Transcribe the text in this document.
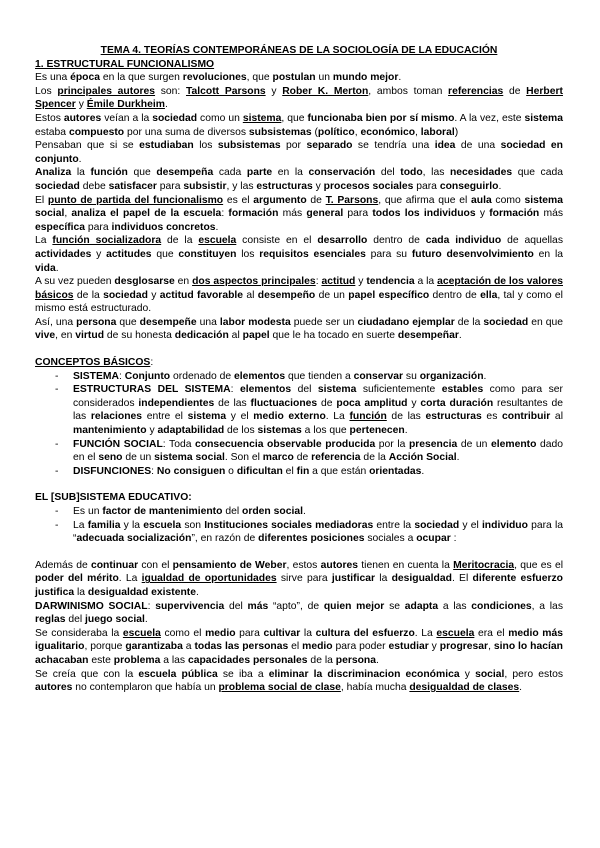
TEMA 4. TEORÍAS CONTEMPORÁNEAS DE LA SOCIOLOGÍA DE LA EDUCACIÓN

1. ESTRUCTURAL FUNCIONALISMO

Es una época en la que surgen revoluciones, que postulan un mundo mejor.

Los principales autores son: Talcott Parsons y Rober K. Merton, ambos toman referencias de Herbert Spencer y Émile Durkheim.

Estos autores veían a la sociedad como un sistema, que funcionaba bien por sí mismo. A la vez, este sistema estaba compuesto por una suma de diversos subsistemas (político, económico, laboral)

Pensaban que si se estudiaban los subsistemas por separado se tendría una idea de una sociedad en conjunto.

Analiza la función que desempeña cada parte en la conservación del todo, las necesidades que cada sociedad debe satisfacer para subsistir, y las estructuras y procesos sociales para conseguirlo.

El punto de partida del funcionalismo es el argumento de T. Parsons, que afirma que el aula como sistema social, analiza el papel de la escuela: formación más general para todos los individuos y formación más específica para individuos concretos.

La función socializadora de la escuela consiste en el desarrollo dentro de cada individuo de aquellas actividades y actitudes que constituyen los requisitos esenciales para su futuro desenvolvimiento en la vida.

A su vez pueden desglosarse en dos aspectos principales: actitud y tendencia a la aceptación de los valores básicos de la sociedad y actitud favorable al desempeño de un papel específico dentro de ella, tal y como el mismo está estructurado.

Así, una persona que desempeñe una labor modesta puede ser un ciudadano ejemplar de la sociedad en que vive, en virtud de su honesta dedicación al papel que le ha tocado en suerte desempeñar.

CONCEPTOS BÁSICOS:

- SISTEMA: Conjunto ordenado de elementos que tienden a conservar su organización.
- ESTRUCTURAS DEL SISTEMA: elementos del sistema suficientemente estables como para ser considerados independientes de las fluctuaciones de poca amplitud y corta duración resultantes de las relaciones entre el sistema y el medio externo. La función de las estructuras es contribuir al mantenimiento y adaptabilidad de los sistemas a los que pertenecen.
- FUNCIÓN SOCIAL: Toda consecuencia observable producida por la presencia de un elemento dado en el seno de un sistema social. Son el marco de referencia de la Acción Social.
- DISFUNCIONES: No consiguen o dificultan el fin a que están orientadas.

EL [SUB]SISTEMA EDUCATIVO:

- Es un factor de mantenimiento del orden social.
- La familia y la escuela son Instituciones sociales mediadoras entre la sociedad y el individuo para la “adecuada socialización”, en razón de diferentes posiciones sociales a ocupar :

Además de continuar con el pensamiento de Weber, estos autores tienen en cuenta la Meritocracia, que es el poder del mérito. La igualdad de oportunidades sirve para justificar la desigualdad. El diferente esfuerzo justifica la desigualdad existente.

DARWINISMO SOCIAL: supervivencia del más “apto”, de quien mejor se adapta a las condiciones, a las reglas del juego social.

Se consideraba la escuela como el medio para cultivar la cultura del esfuerzo. La escuela era el medio más igualitario, porque garantizaba a todas las personas el medio para poder estudiar y progresar, sino lo hacían achacaban este problema a las capacidades personales de la persona.

Se creía que con la escuela pública se iba a eliminar la discriminacion económica y social, pero estos autores no contemplaron que había un problema social de clase, había mucha desigualdad de clases.
